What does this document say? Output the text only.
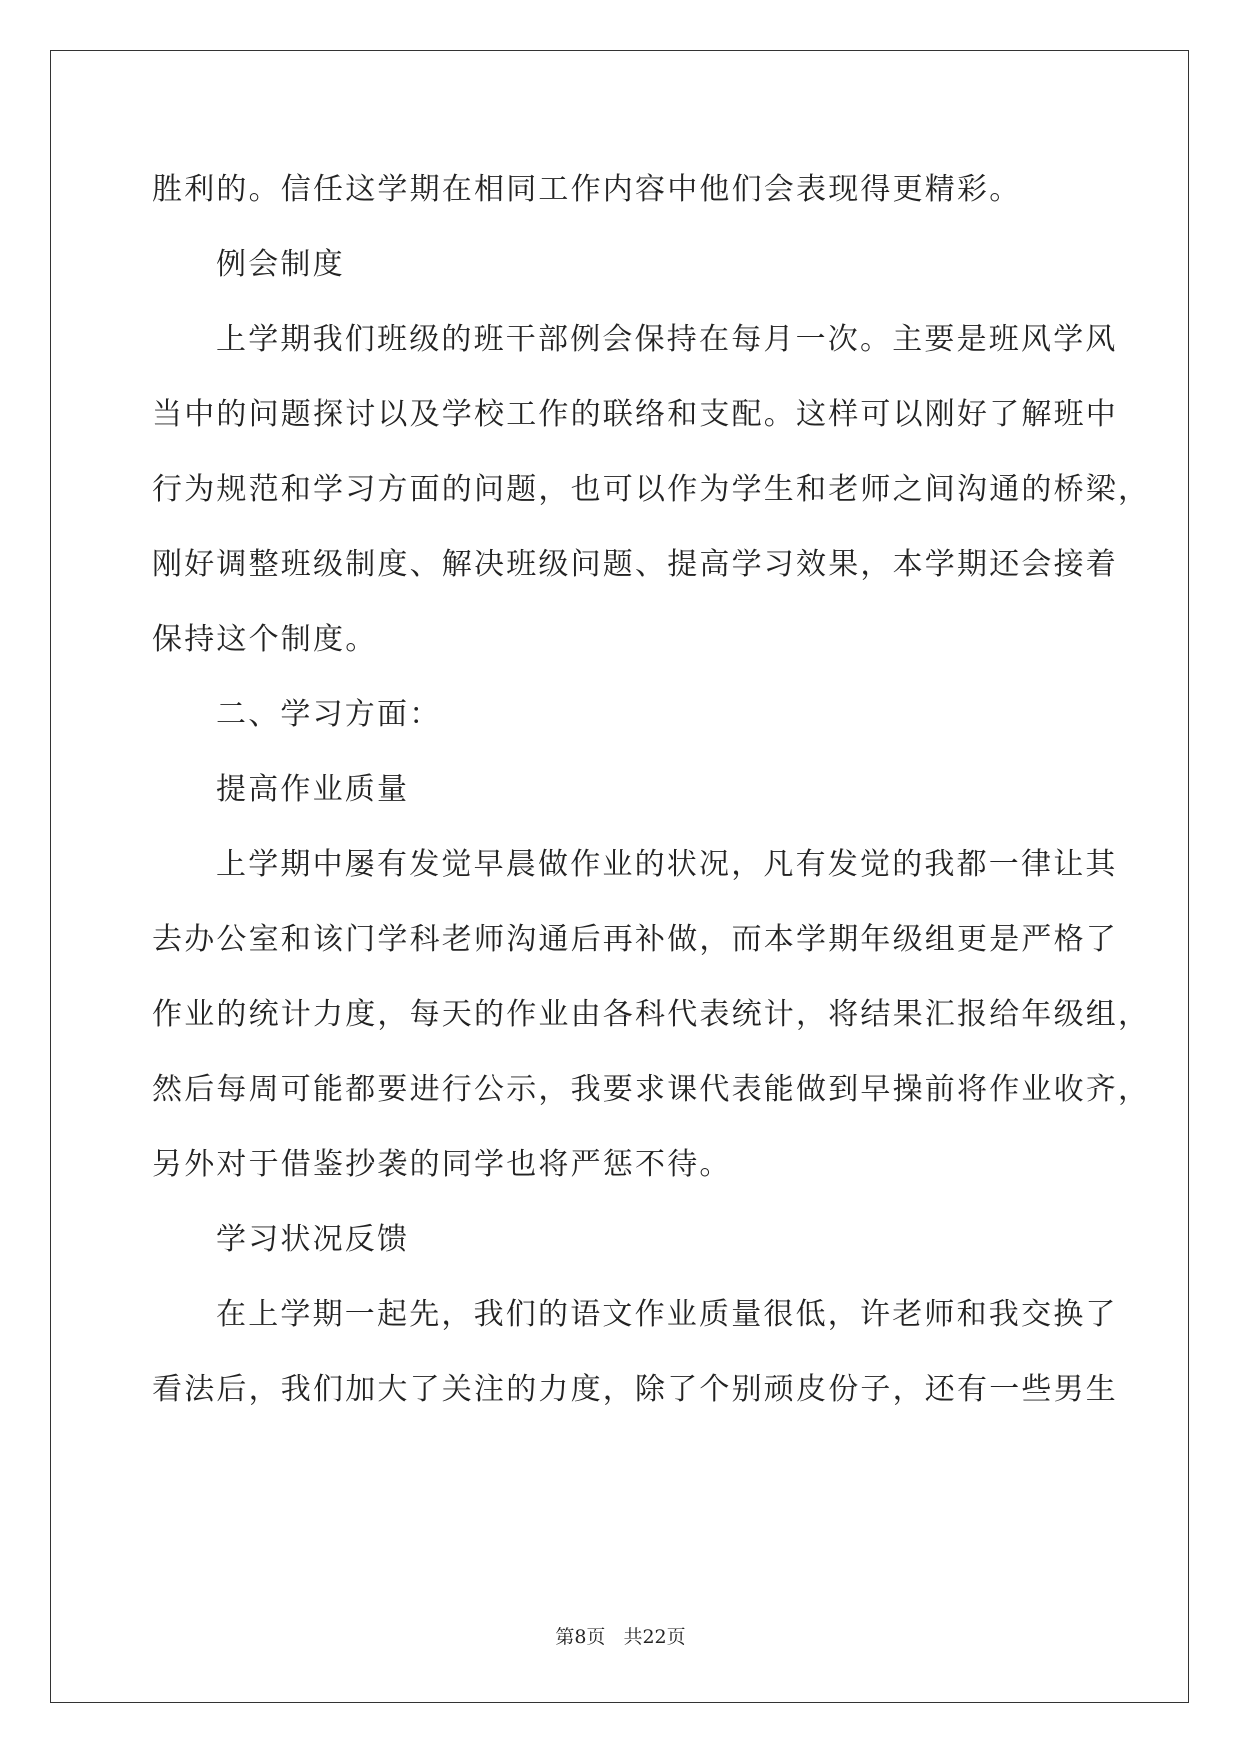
胜利的。信任这学期在相同工作内容中他们会表现得更精彩。
例会制度
上学期我们班级的班干部例会保持在每月一次。主要是班风学风
当中的问题探讨以及学校工作的联络和支配。这样可以刚好了解班中
行为规范和学习方面的问题，也可以作为学生和老师之间沟通的桥梁，
刚好调整班级制度、解决班级问题、提高学习效果，本学期还会接着
保持这个制度。
二、学习方面：
提高作业质量
上学期中屡有发觉早晨做作业的状况，凡有发觉的我都一律让其
去办公室和该门学科老师沟通后再补做，而本学期年级组更是严格了
作业的统计力度，每天的作业由各科代表统计，将结果汇报给年级组，
然后每周可能都要进行公示，我要求课代表能做到早操前将作业收齐，
另外对于借鉴抄袭的同学也将严惩不待。
学习状况反馈
在上学期一起先，我们的语文作业质量很低，许老师和我交换了
看法后，我们加大了关注的力度，除了个别顽皮份子，还有一些男生
第8页 共22页
